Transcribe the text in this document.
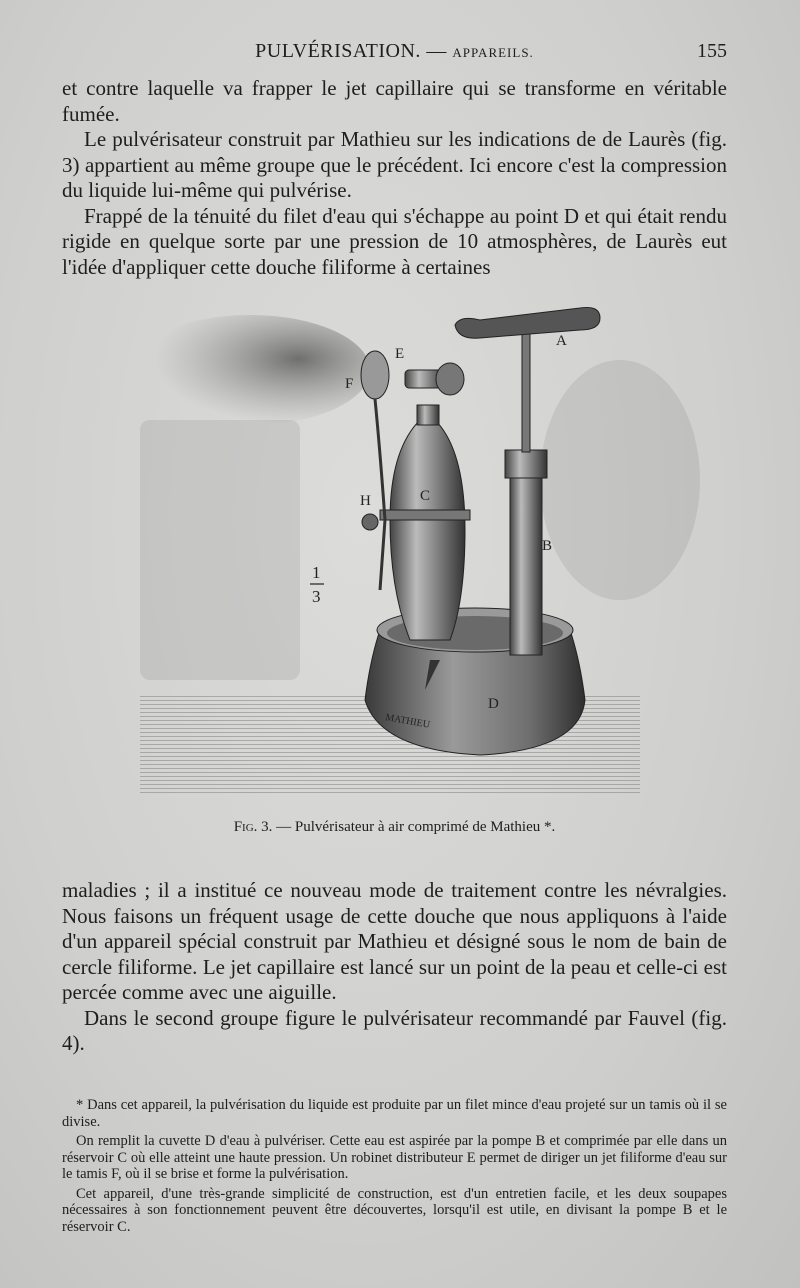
PULVÉRISATION. — APPAREILS.	155

et contre laquelle va frapper le jet capillaire qui se transforme en véritable fumée.

Le pulvérisateur construit par Mathieu sur les indications de de Laurès (fig. 3) appartient au même groupe que le précédent. Ici encore c'est la compression du liquide lui-même qui pulvérise.

Frappé de la ténuité du filet d'eau qui s'échappe au point D et qui était rendu rigide en quelque sorte par une pression de 10 atmosphères, de Laurès eut l'idée d'appliquer cette douche filiforme à certaines

A
B
C
D
E
F
H
1
3
MATHIEU
Fig. 3. — Pulvérisateur à air comprimé de Mathieu *.

maladies ; il a institué ce nouveau mode de traitement contre les névralgies. Nous faisons un fréquent usage de cette douche que nous appliquons à l'aide d'un appareil spécial construit par Mathieu et désigné sous le nom de bain de cercle filiforme. Le jet capillaire est lancé sur un point de la peau et celle-ci est percée comme avec une aiguille.

Dans le second groupe figure le pulvérisateur recommandé par Fauvel (fig. 4).

* Dans cet appareil, la pulvérisation du liquide est produite par un filet mince d'eau projeté sur un tamis où il se divise.

On remplit la cuvette D d'eau à pulvériser. Cette eau est aspirée par la pompe B et comprimée par elle dans un réservoir C où elle atteint une haute pression. Un robinet distributeur E permet de diriger un jet filiforme d'eau sur le tamis F, où il se brise et forme la pulvérisation.

Cet appareil, d'une très-grande simplicité de construction, est d'un entretien facile, et les deux soupapes nécessaires à son fonctionnement peuvent être découvertes, lorsqu'il est utile, en divisant la pompe B et le réservoir C.
